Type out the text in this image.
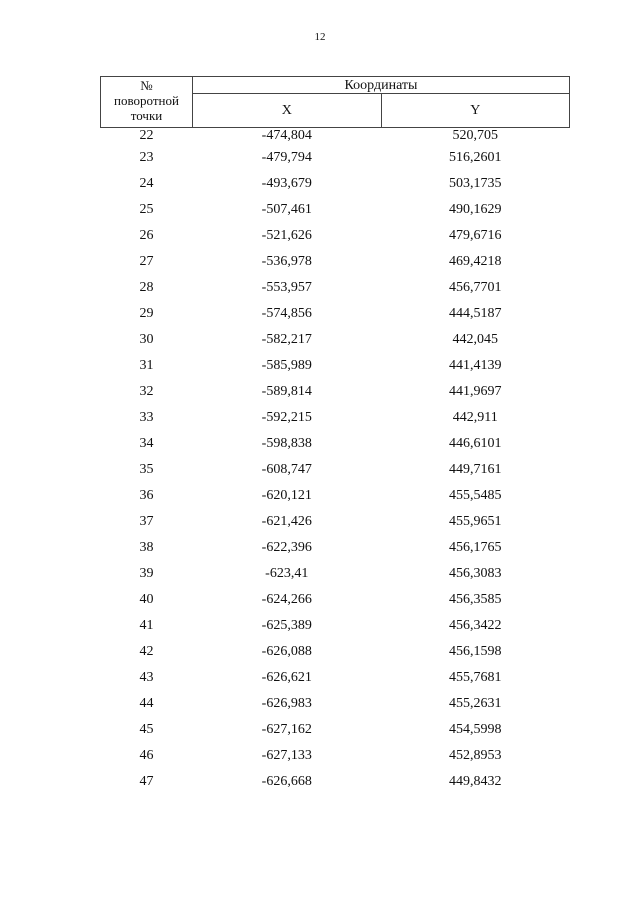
12
№
поворотной
точки	Координаты	
	X	Y
22	-474,804	520,705
23	-479,794	516,2601
24	-493,679	503,1735
25	-507,461	490,1629
26	-521,626	479,6716
27	-536,978	469,4218
28	-553,957	456,7701
29	-574,856	444,5187
30	-582,217	442,045
31	-585,989	441,4139
32	-589,814	441,9697
33	-592,215	442,911
34	-598,838	446,6101
35	-608,747	449,7161
36	-620,121	455,5485
37	-621,426	455,9651
38	-622,396	456,1765
39	-623,41	456,3083
40	-624,266	456,3585
41	-625,389	456,3422
42	-626,088	456,1598
43	-626,621	455,7681
44	-626,983	455,2631
45	-627,162	454,5998
46	-627,133	452,8953
47	-626,668	449,8432
